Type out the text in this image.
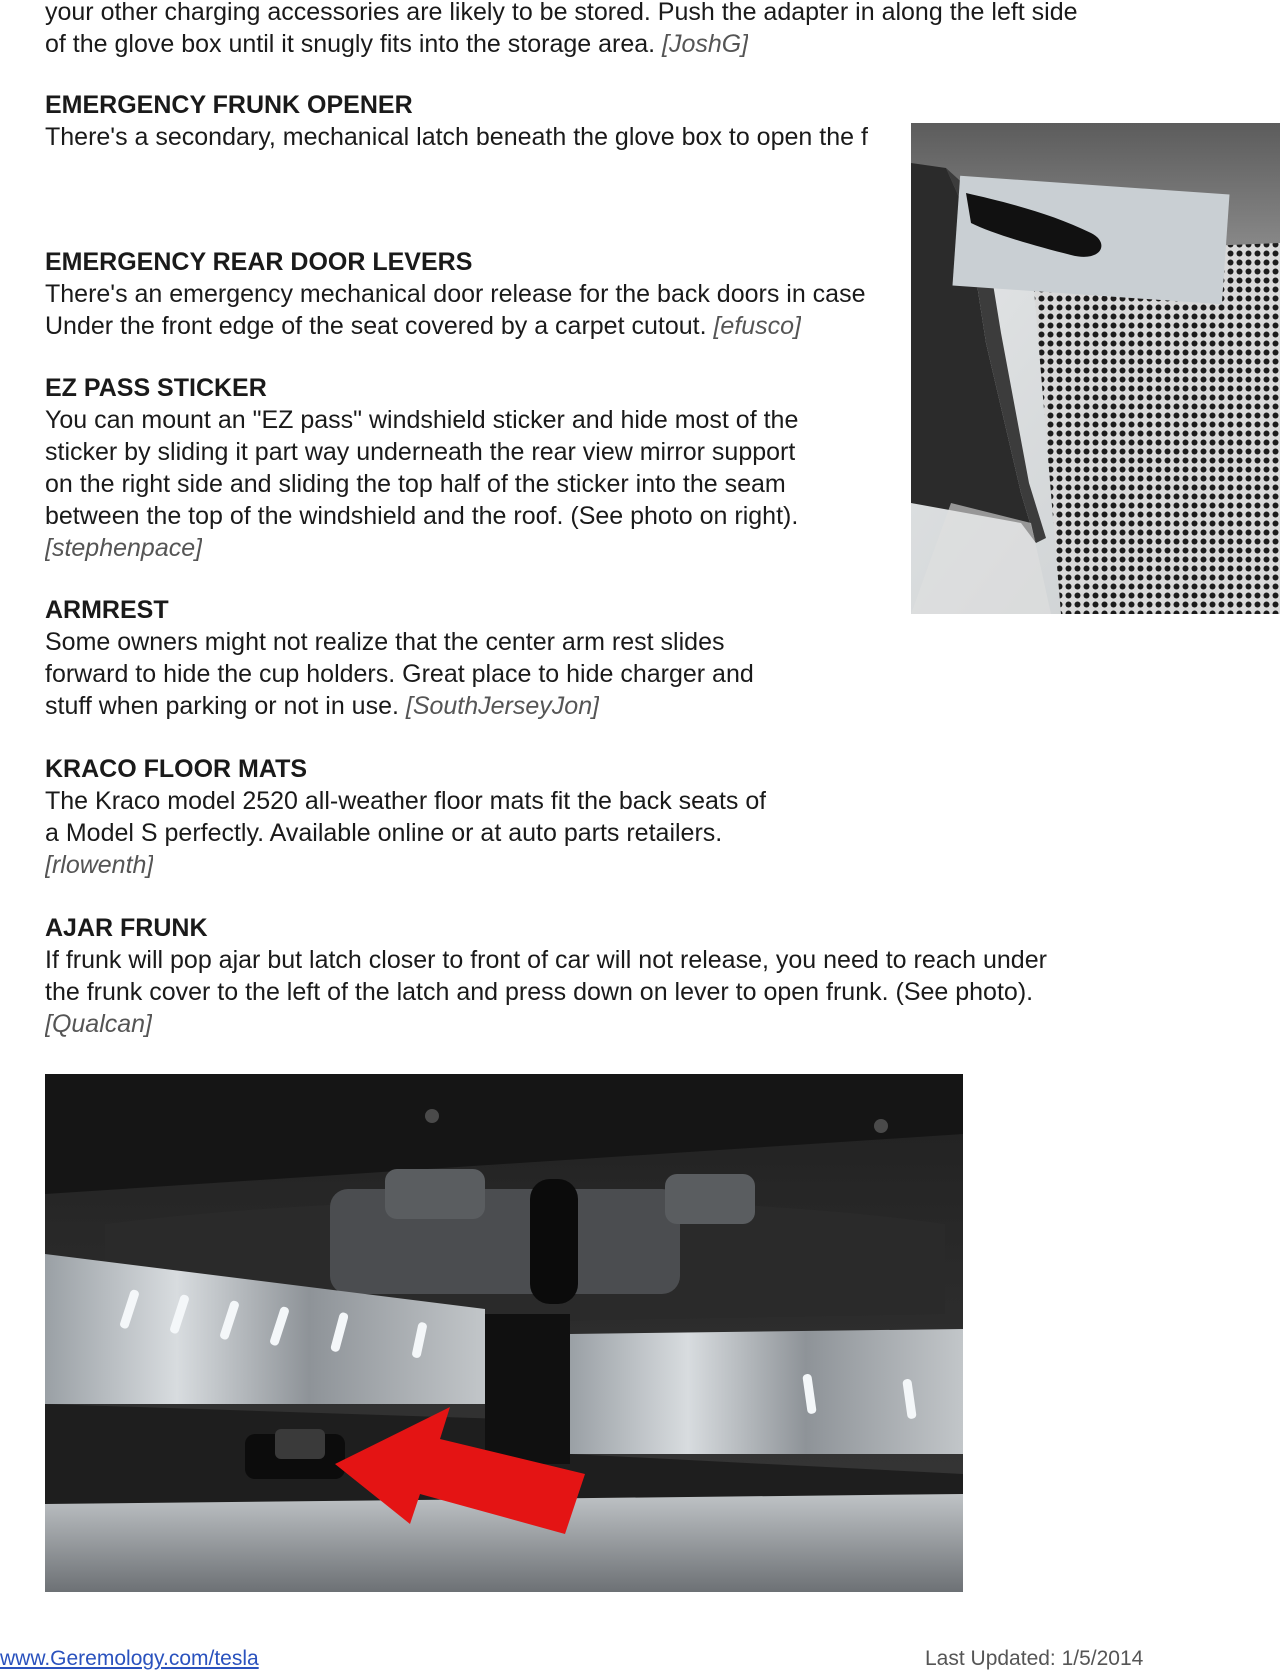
your other charging accessories are likely to be stored. Push the adapter in along the left side
of the glove box until it snugly fits into the storage area. [JoshG]
EMERGENCY FRUNK OPENER
There's a secondary, mechanical latch beneath the glove box to open the f
EMERGENCY REAR DOOR LEVERS
There's an emergency mechanical door release for the back doors in case
Under the front edge of the seat covered by a carpet cutout. [efusco]
EZ PASS STICKER
You can mount an "EZ pass" windshield sticker and hide most of the
sticker by sliding it part way underneath the rear view mirror support
on the right side and sliding the top half of the sticker into the seam
between the top of the windshield and the roof. (See photo on right).
[stephenpace]
ARMREST
Some owners might not realize that the center arm rest slides
forward to hide the cup holders. Great place to hide charger and
stuff when parking or not in use. [SouthJerseyJon]
KRACO FLOOR MATS
The Kraco model 2520 all-weather floor mats fit the back seats of
a Model S perfectly. Available online or at auto parts retailers.
[rlowenth]
AJAR FRUNK
If frunk will pop ajar but latch closer to front of car will not release, you need to reach under
the frunk cover to the left of the latch and press down on lever to open frunk. (See photo).
[Qualcan]
www.Geremology.com/tesla	Last Updated: 1/5/2014
